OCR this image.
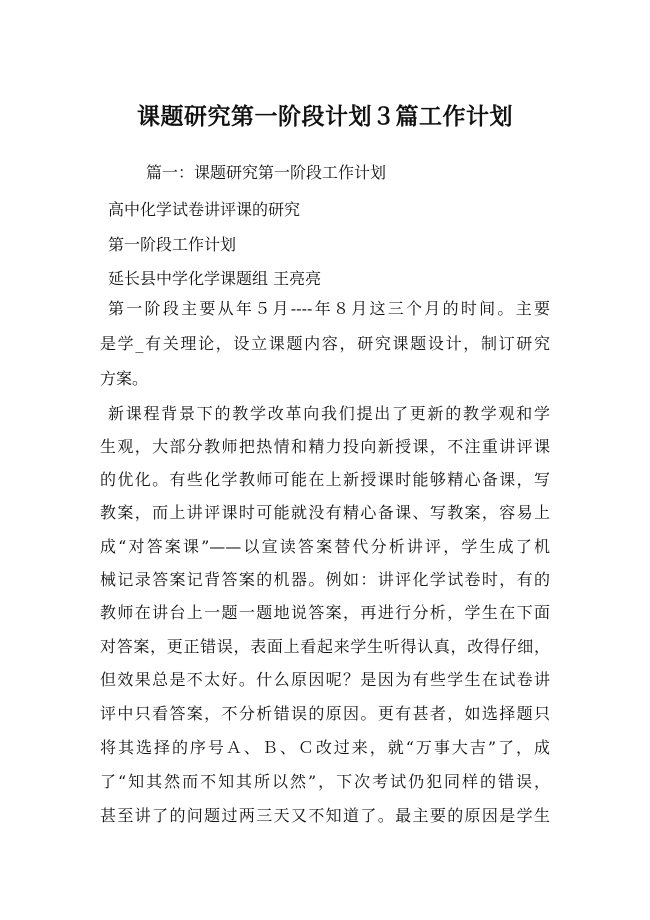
课题研究第一阶段计划３篇工作计划
篇一：课题研究第一阶段工作计划
高中化学试卷讲评课的研究
第一阶段工作计划
延长县中学化学课题组 王亮亮
第一阶段主要从年５月----年８月这三个月的时间。主要
是学_有关理论，设立课题内容，研究课题设计，制订研究
方案。
新课程背景下的教学改革向我们提出了更新的教学观和学
生观，大部分教师把热情和精力投向新授课，不注重讲评课
的优化。有些化学教师可能在上新授课时能够精心备课，写
教案，而上讲评课时可能就没有精心备课、写教案，容易上
成“对答案课”——以宣读答案替代分析讲评，学生成了机
械记录答案记背答案的机器。例如：讲评化学试卷时，有的
教师在讲台上一题一题地说答案，再进行分析，学生在下面
对答案，更正错误，表面上看起来学生听得认真，改得仔细，
但效果总是不太好。什么原因呢？是因为有些学生在试卷讲
评中只看答案，不分析错误的原因。更有甚者，如选择题只
将其选择的序号Ａ、Ｂ、Ｃ改过来，就“万事大吉”了，成
了“知其然而不知其所以然”，下次考试仍犯同样的错误，
甚至讲了的问题过两三天又不知道了。最主要的原因是学生
